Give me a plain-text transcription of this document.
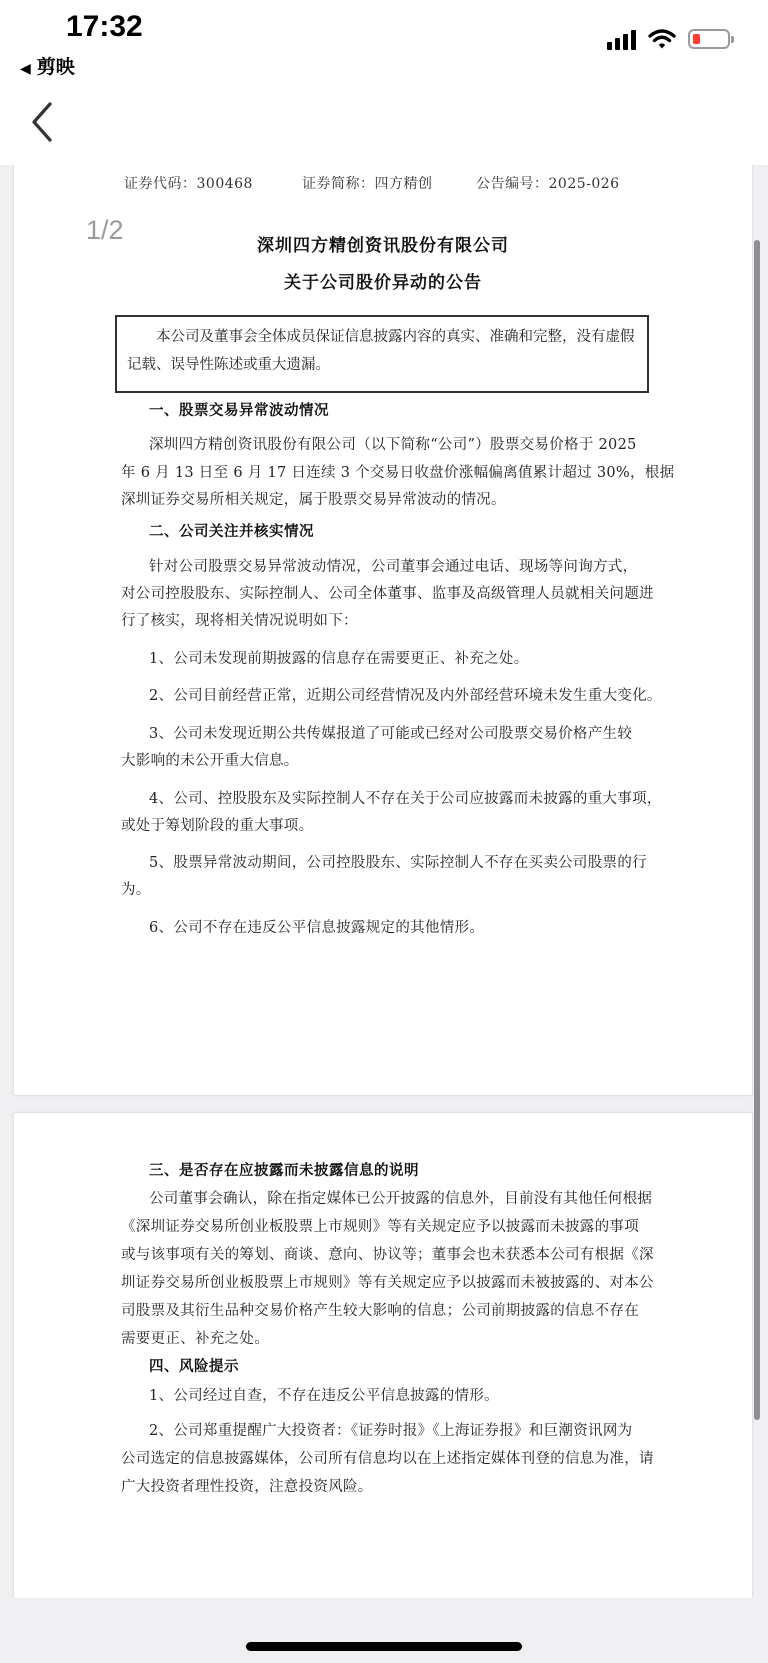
17:32
◀ 剪映
证券代码：300468	证券简称：四方精创	公告编号：2025-026
1/2
深圳四方精创资讯股份有限公司
关于公司股价异动的公告

本公司及董事会全体成员保证信息披露内容的真实、准确和完整，没有虚假

记载、误导性陈述或重大遗漏。
一、股票交易异常波动情况
深圳四方精创资讯股份有限公司（以下简称“公司”）股票交易价格于 2025
年 6 月 13 日至 6 月 17 日连续 3 个交易日收盘价涨幅偏离值累计超过 30%，根据
深圳证券交易所相关规定，属于股票交易异常波动的情况。
二、公司关注并核实情况
针对公司股票交易异常波动情况，公司董事会通过电话、现场等问询方式，
对公司控股股东、实际控制人、公司全体董事、监事及高级管理人员就相关问题进
行了核实，现将相关情况说明如下：
1、公司未发现前期披露的信息存在需要更正、补充之处。
2、公司目前经营正常，近期公司经营情况及内外部经营环境未发生重大变化。
3、公司未发现近期公共传媒报道了可能或已经对公司股票交易价格产生较
大影响的未公开重大信息。
4、公司、控股股东及实际控制人不存在关于公司应披露而未披露的重大事项，
或处于筹划阶段的重大事项。
5、股票异常波动期间，公司控股股东、实际控制人不存在买卖公司股票的行
为。
6、公司不存在违反公平信息披露规定的其他情形。
三、是否存在应披露而未披露信息的说明
公司董事会确认，除在指定媒体已公开披露的信息外，目前没有其他任何根据
《深圳证券交易所创业板股票上市规则》等有关规定应予以披露而未披露的事项
或与该事项有关的筹划、商谈、意向、协议等；董事会也未获悉本公司有根据《深
圳证券交易所创业板股票上市规则》等有关规定应予以披露而未被披露的、对本公
司股票及其衍生品种交易价格产生较大影响的信息；公司前期披露的信息不存在
需要更正、补充之处。
四、风险提示
1、公司经过自查，不存在违反公平信息披露的情形。
2、公司郑重提醒广大投资者：《证券时报》《上海证券报》和巨潮资讯网为
公司选定的信息披露媒体，公司所有信息均以在上述指定媒体刊登的信息为准，请
广大投资者理性投资，注意投资风险。
